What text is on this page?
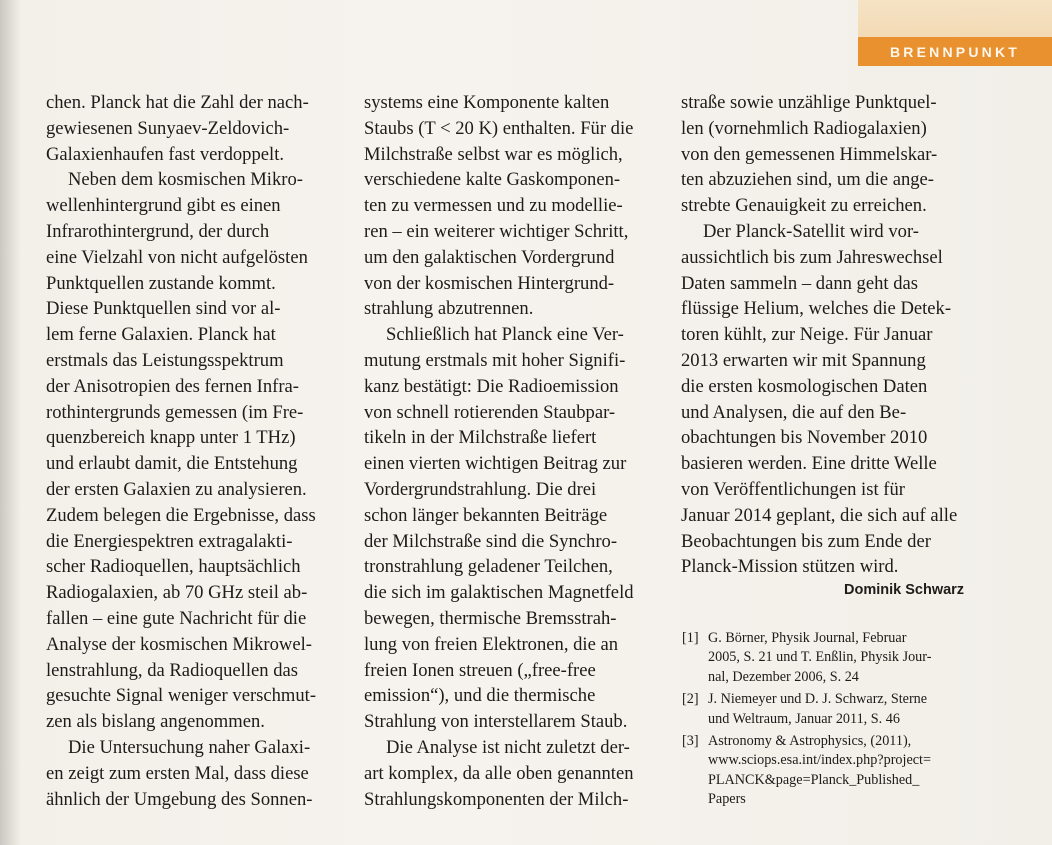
BRENNPUNKT
chen. Planck hat die Zahl der nach-
gewiesenen Sunyaev-Zeldovich-
Galaxienhaufen fast verdoppelt.
Neben dem kosmischen Mikro-
wellenhintergrund gibt es einen
Infrarothintergrund, der durch
eine Vielzahl von nicht aufgelösten
Punktquellen zustande kommt.
Diese Punktquellen sind vor al-
lem ferne Galaxien. Planck hat
erstmals das Leistungsspektrum
der Anisotropien des fernen Infra-
rothintergrunds gemessen (im Fre-
quenzbereich knapp unter 1 THz)
und erlaubt damit, die Entstehung
der ersten Galaxien zu analysieren.
Zudem belegen die Ergebnisse, dass
die Energiespektren extragalakti-
scher Radioquellen, hauptsächlich
Radiogalaxien, ab 70 GHz steil ab-
fallen – eine gute Nachricht für die
Analyse der kosmischen Mikrowel-
lenstrahlung, da Radioquellen das
gesuchte Signal weniger verschmut-
zen als bislang angenommen.
Die Untersuchung naher Galaxi-
en zeigt zum ersten Mal, dass diese
ähnlich der Umgebung des Sonnen-
systems eine Komponente kalten
Staubs (T < 20 K) enthalten. Für die
Milchstraße selbst war es möglich,
verschiedene kalte Gaskomponen-
ten zu vermessen und zu modellie-
ren – ein weiterer wichtiger Schritt,
um den galaktischen Vordergrund
von der kosmischen Hintergrund-
strahlung abzutrennen.
Schließlich hat Planck eine Ver-
mutung erstmals mit hoher Signifi-
kanz bestätigt: Die Radioemission
von schnell rotierenden Staubpar-
tikeln in der Milchstraße liefert
einen vierten wichtigen Beitrag zur
Vordergrundstrahlung. Die drei
schon länger bekannten Beiträge
der Milchstraße sind die Synchro-
tronstrahlung geladener Teilchen,
die sich im galaktischen Magnetfeld
bewegen, thermische Bremsstrah-
lung von freien Elektronen, die an
freien Ionen streuen („free-free
emission“), und die thermische
Strahlung von interstellarem Staub.
Die Analyse ist nicht zuletzt der-
art komplex, da alle oben genannten
Strahlungskomponenten der Milch-
straße sowie unzählige Punktquel-
len (vornehmlich Radiogalaxien)
von den gemessenen Himmelskar-
ten abzuziehen sind, um die ange-
strebte Genauigkeit zu erreichen.
Der Planck-Satellit wird vor-
aussichtlich bis zum Jahreswechsel
Daten sammeln – dann geht das
flüssige Helium, welches die Detek-
toren kühlt, zur Neige. Für Januar
2013 erwarten wir mit Spannung
die ersten kosmologischen Daten
und Analysen, die auf den Be-
obachtungen bis November 2010
basieren werden. Eine dritte Welle
von Veröffentlichungen ist für
Januar 2014 geplant, die sich auf alle
Beobachtungen bis zum Ende der
Planck-Mission stützen wird.
Dominik Schwarz
[1] G. Börner, Physik Journal, Februar
2005, S. 21 und T. Enßlin, Physik Jour-
nal, Dezember 2006, S. 24
[2] J. Niemeyer und D. J. Schwarz, Sterne
und Weltraum, Januar 2011, S. 46
[3] Astronomy & Astrophysics, (2011),
www.sciops.esa.int/index.php?project=
PLANCK&page=Planck_Published_
Papers
